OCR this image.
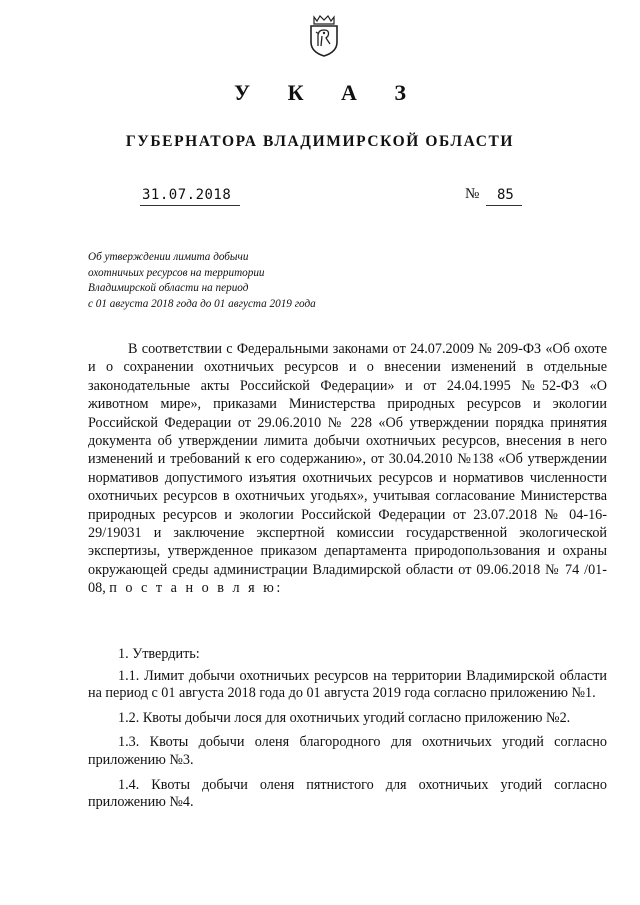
У К А З
ГУБЕРНАТОРА ВЛАДИМИРСКОЙ ОБЛАСТИ
31.07.2018	№ 85
Об утверждении лимита добычи
охотничьих ресурсов на территории
Владимирской области на период
с 01 августа 2018 года до 01 августа 2019 года

В соответствии с Федеральными законами от 24.07.2009 № 209-ФЗ «Об охоте и о сохранении охотничьих ресурсов и о внесении изменений в отдельные законодательные акты Российской Федерации» и от 24.04.1995 №52-ФЗ «О животном мире», приказами Министерства природных ресурсов и экологии Российской Федерации от 29.06.2010 № 228 «Об утверждении порядка принятия документа об утверждении лимита добычи охотничьих ресурсов, внесения в него изменений и требований к его содержанию», от 30.04.2010 №138 «Об утверждении нормативов допустимого изъятия охотничьих ресурсов и нормативов численности охотничьих ресурсов в охотничьих угодьях», учитывая согласование Министерства природных ресурсов и экологии Российской Федерации от 23.07.2018 № 04-16-29/19031 и заключение экспертной комиссии государственной экологической экспертизы, утвержденное приказом департамента природопользования и охраны окружающей среды администрации Владимирской области от 09.06.2018 № 74 /01-08, п о с т а н о в л я ю:

1. Утвердить:

1.1. Лимит добычи охотничьих ресурсов на территории Владимирской области на период с 01 августа 2018 года до 01 августа 2019 года согласно приложению №1.

1.2. Квоты добычи лося для охотничьих угодий согласно приложению №2.

1.3. Квоты добычи оленя благородного для охотничьих угодий согласно приложению №3.

1.4. Квоты добычи оленя пятнистого для охотничьих угодий согласно приложению №4.
